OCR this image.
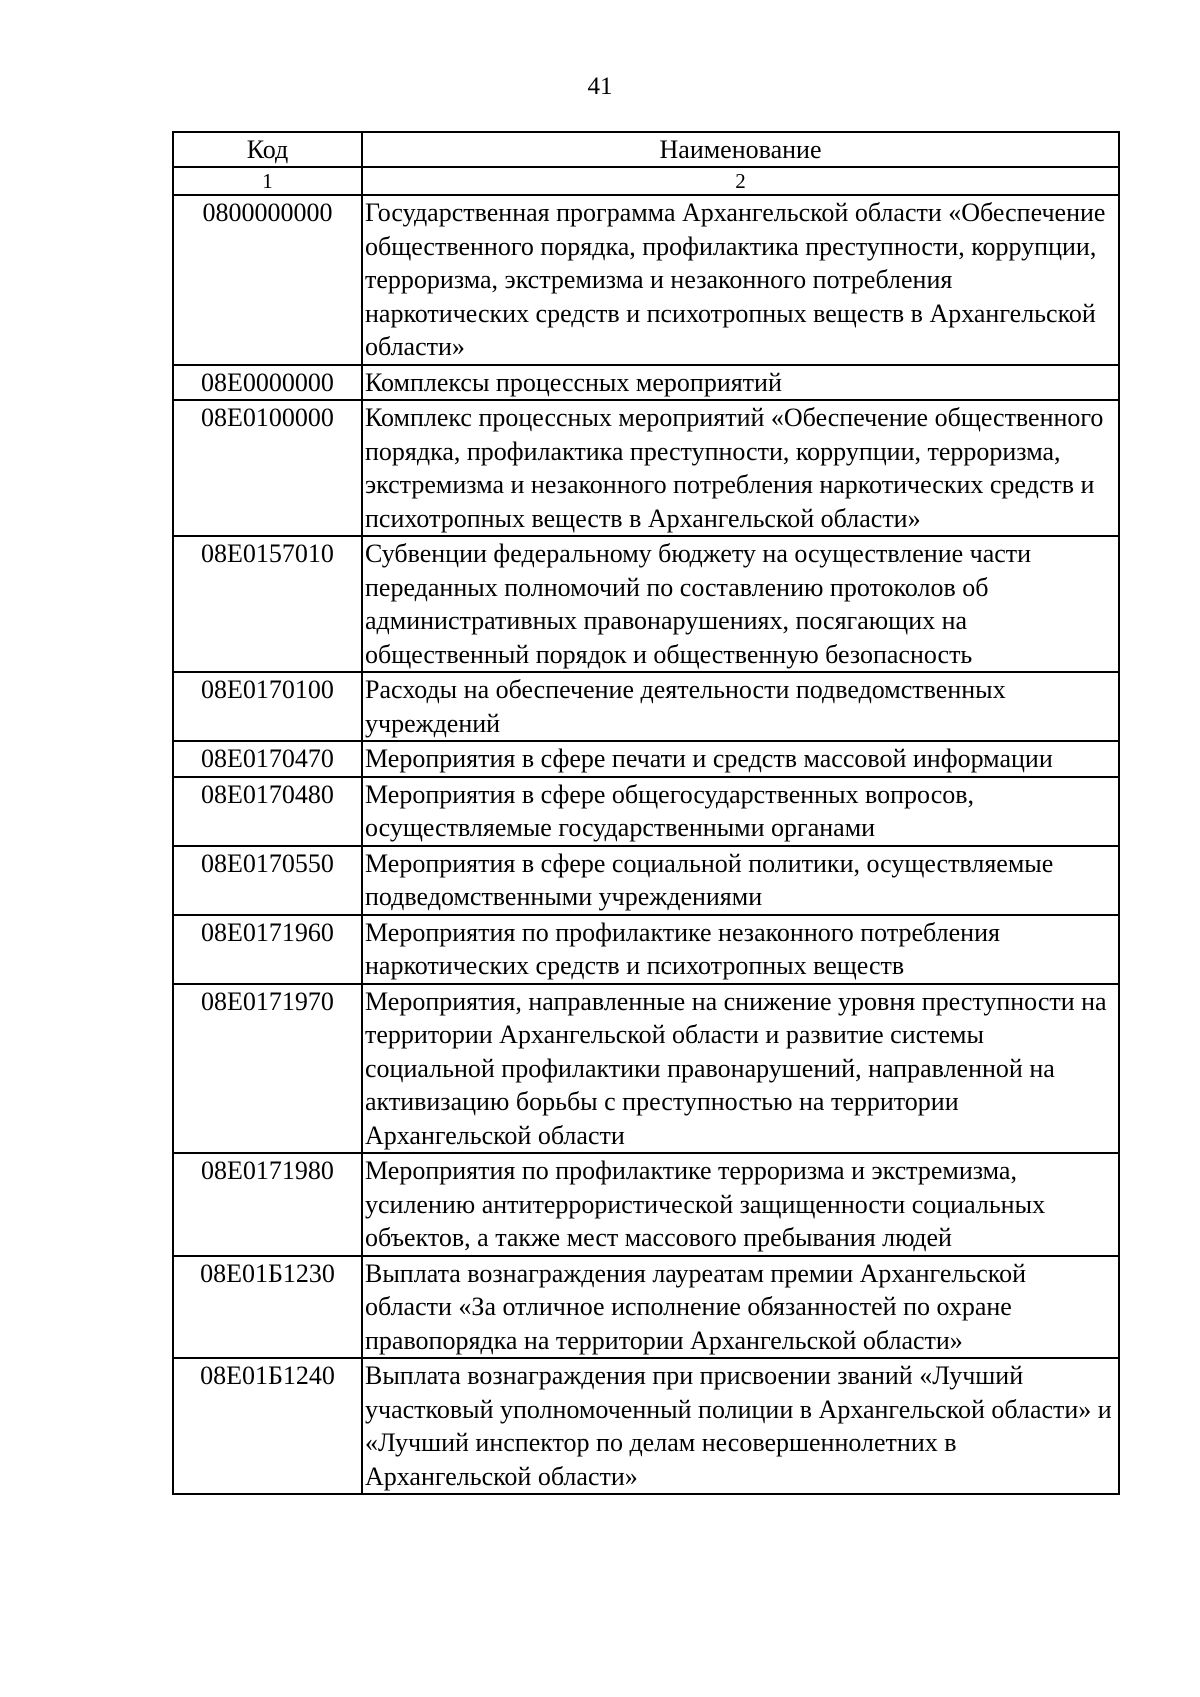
41
Код	Наименование
1	2
0800000000	Государственная программа Архангельской области «Обеспечение общественного порядка, профилактика преступности, коррупции, терроризма, экстремизма и незаконного потребления наркотических средств и психотропных веществ в Архангельской области»
08Е0000000	Комплексы процессных мероприятий
08Е0100000	Комплекс процессных мероприятий «Обеспечение общественного порядка, профилактика преступности, коррупции, терроризма, экстремизма и незаконного потребления наркотических средств и психотропных веществ в Архангельской области»
08Е0157010	Субвенции федеральному бюджету на осуществление части переданных полномочий по составлению протоколов об административных правонарушениях, посягающих на общественный порядок и общественную безопасность
08Е0170100	Расходы на обеспечение деятельности подведомственных учреждений
08Е0170470	Мероприятия в сфере печати и средств массовой информации
08Е0170480	Мероприятия в сфере общегосударственных вопросов, осуществляемые государственными органами
08Е0170550	Мероприятия в сфере социальной политики, осуществляемые подведомственными учреждениями
08Е0171960	Мероприятия по профилактике незаконного потребления наркотических средств и психотропных веществ
08Е0171970	Мероприятия, направленные на снижение уровня преступности на территории Архангельской области и развитие системы социальной профилактики правонарушений, направленной на активизацию борьбы с преступностью на территории Архангельской области
08Е0171980	Мероприятия по профилактике терроризма и экстремизма, усилению антитеррористической защищенности социальных объектов, а также мест массового пребывания людей
08Е01Б1230	Выплата вознаграждения лауреатам премии Архангельской области «За отличное исполнение обязанностей по охране правопорядка на территории Архангельской области»
08Е01Б1240	Выплата вознаграждения при присвоении званий «Лучший участковый уполномоченный полиции в Архангельской области» и «Лучший инспектор по делам несовершеннолетних в Архангельской области»
